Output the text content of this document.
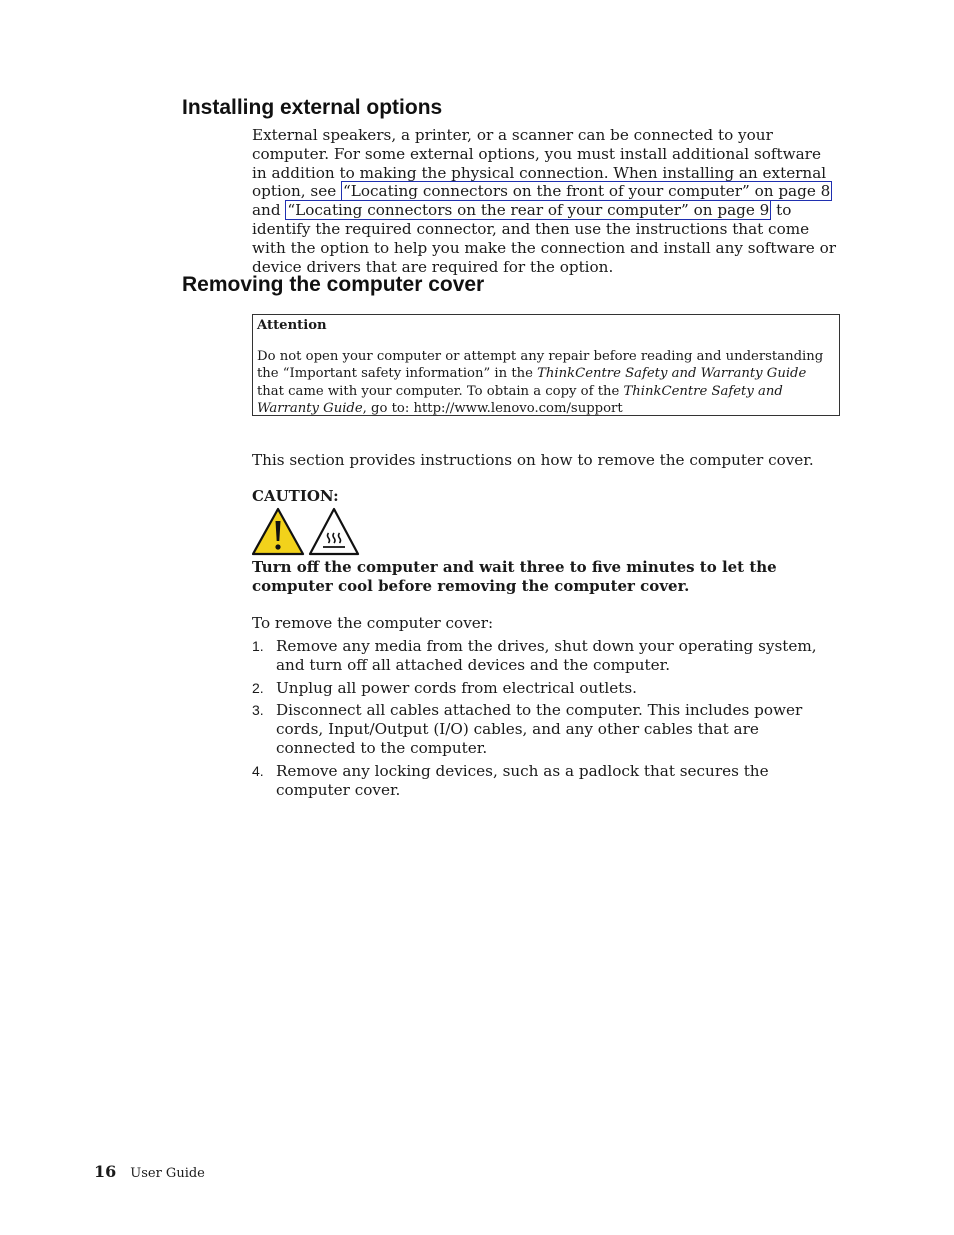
Installing external options

External speakers, a printer, or a scanner can be connected to your computer. For some external options, you must install additional software in addition to making the physical connection. When installing an external option, see “Locating connectors on the front of your computer” on page 8 and “Locating connectors on the rear of your computer” on page 9 to identify the required connector, and then use the instructions that come with the option to help you make the connection and install any software or device drivers that are required for the option.

Removing the computer cover

Attention

Do not open your computer or attempt any repair before reading and understanding the “Important safety information” in the ThinkCentre Safety and Warranty Guide that came with your computer. To obtain a copy of the ThinkCentre Safety and Warranty Guide, go to: http://www.lenovo.com/support

This section provides instructions on how to remove the computer cover.

CAUTION:

Turn off the computer and wait three to five minutes to let the computer cool before removing the computer cover.

To remove the computer cover:

1. Remove any media from the drives, shut down your operating system, and turn off all attached devices and the computer.
2. Unplug all power cords from electrical outlets.
3. Disconnect all cables attached to the computer. This includes power cords, Input/Output (I/O) cables, and any other cables that are connected to the computer.
4. Remove any locking devices, such as a padlock that secures the computer cover.
16 User Guide
